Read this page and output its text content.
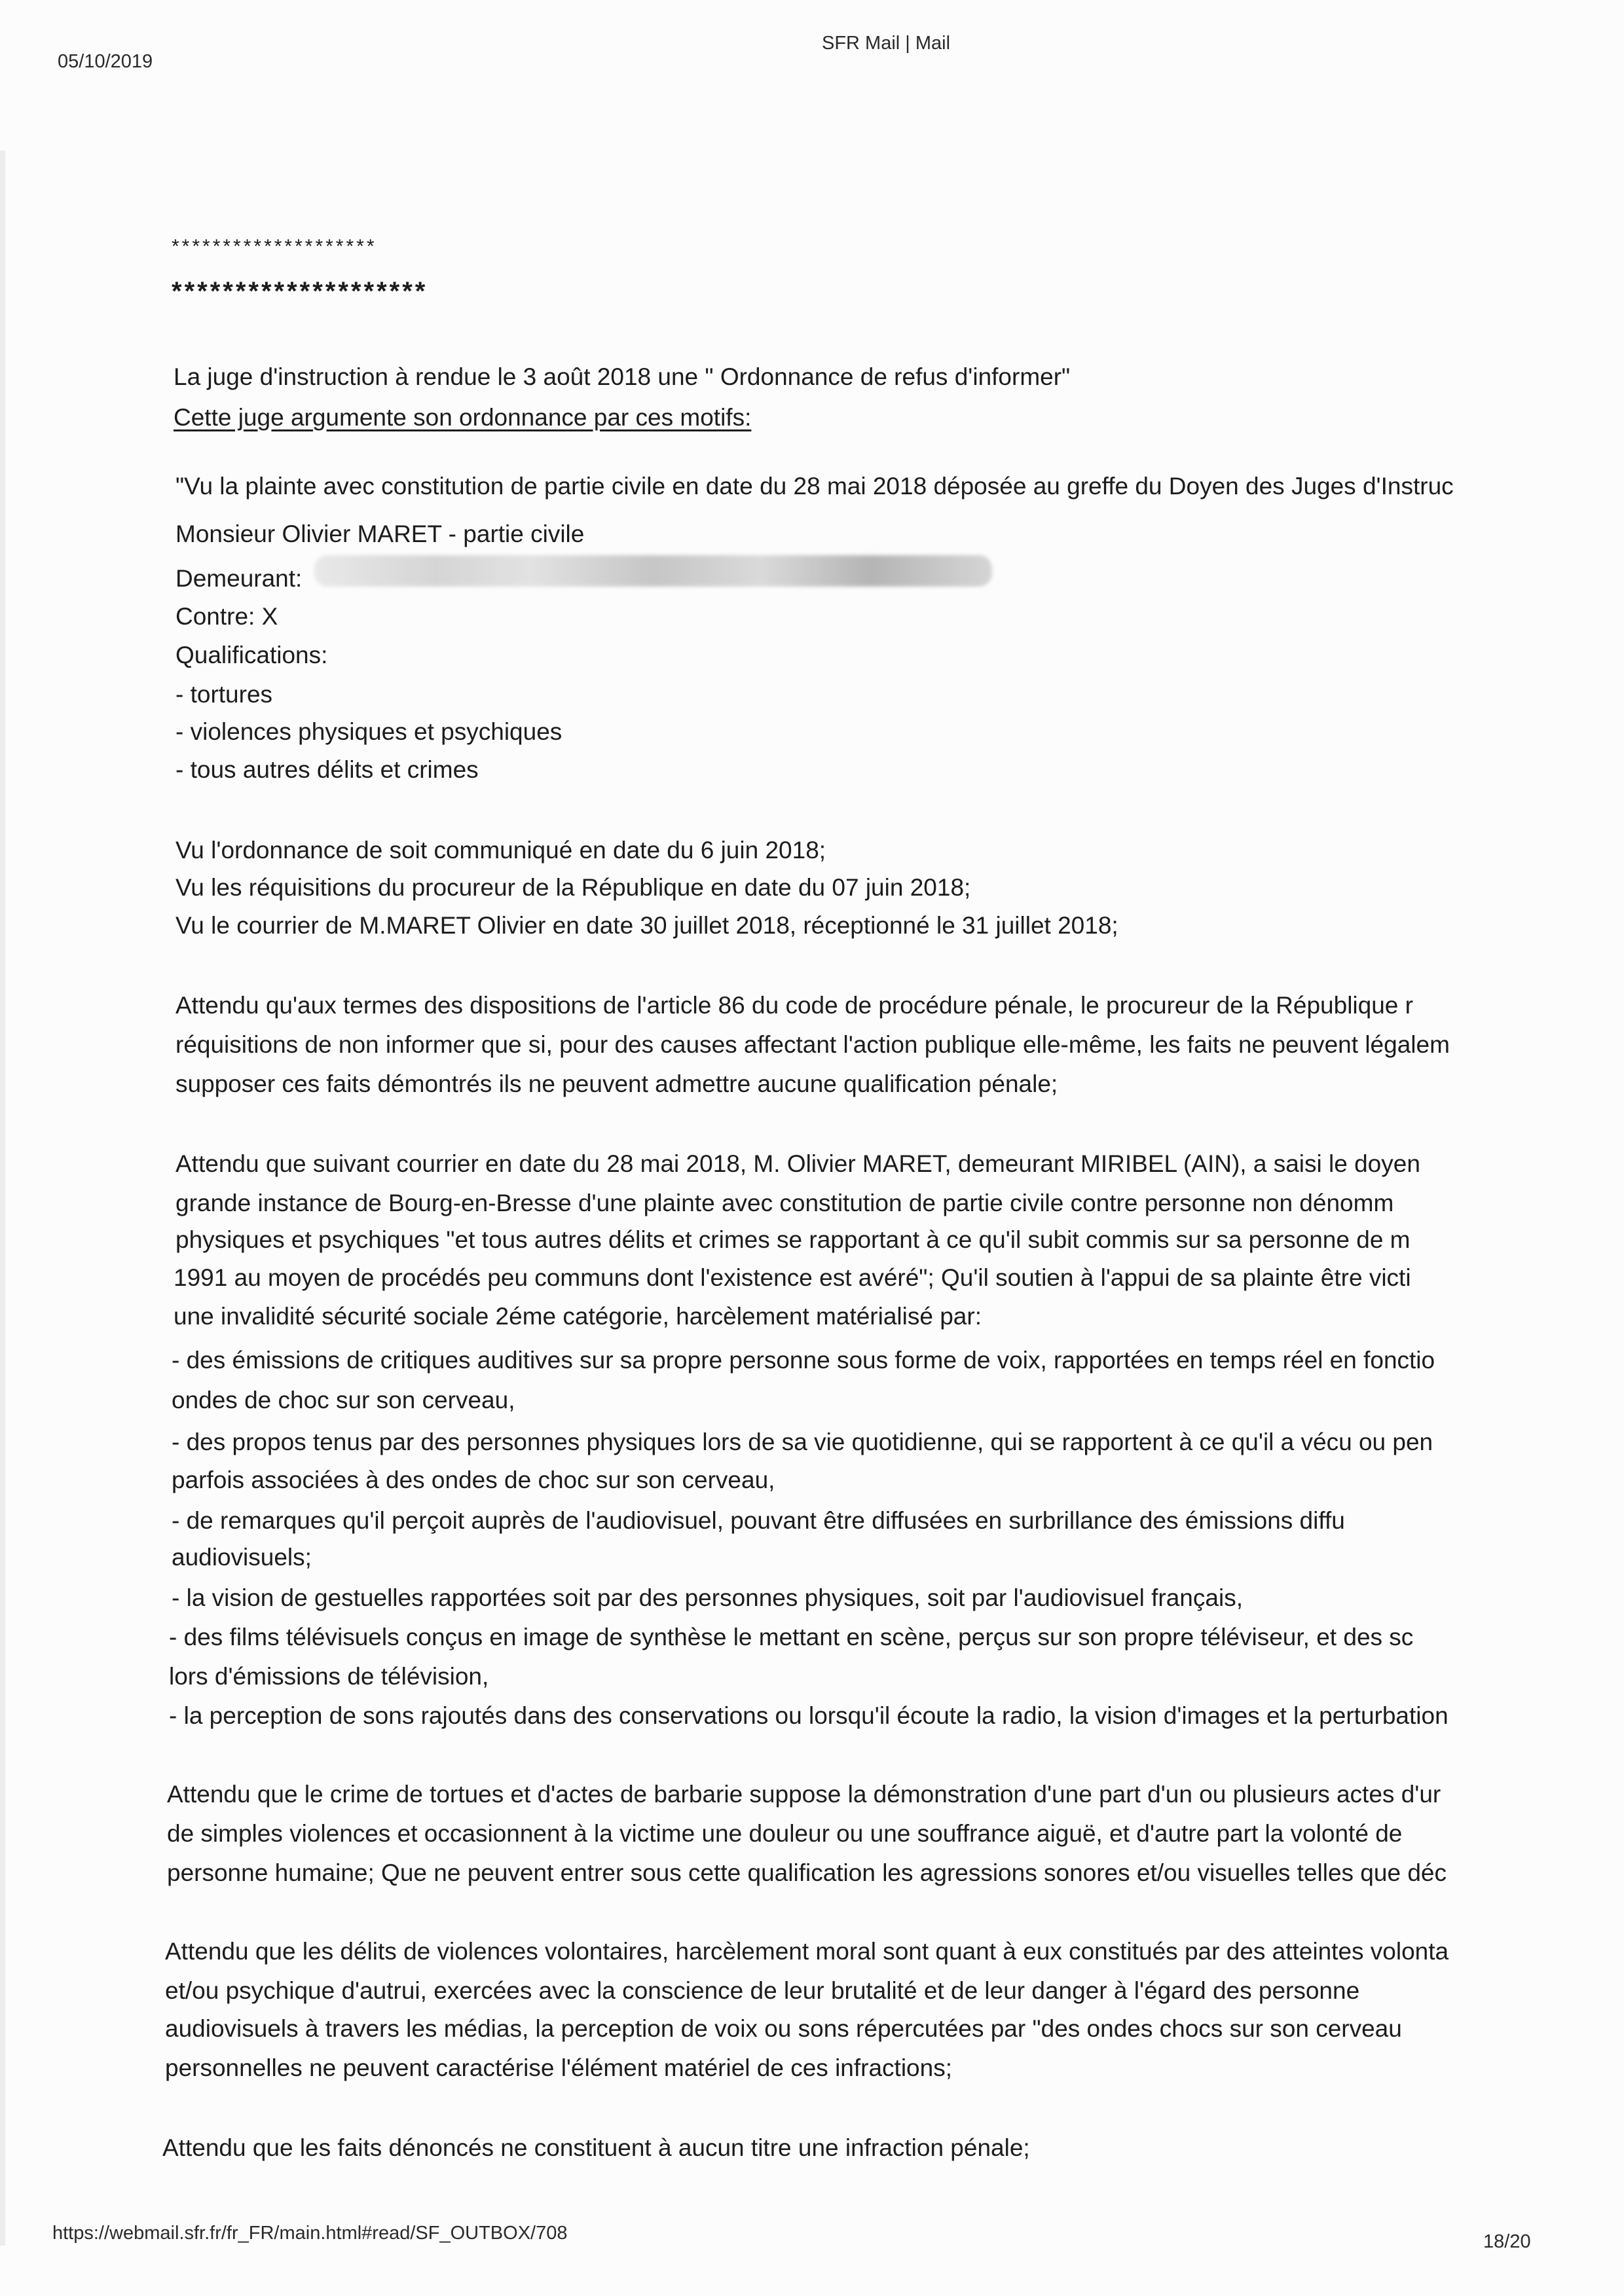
05/10/2019
SFR Mail | Mail
********************
********************
La juge d'instruction à rendue le 3 août 2018 une " Ordonnance de refus d'informer"
Cette juge argumente son ordonnance par ces motifs:
"Vu la plainte avec constitution de partie civile en date du 28 mai 2018 déposée au greffe du Doyen des Juges d'Instruc
Monsieur Olivier MARET - partie civile
Demeurant:
Contre: X
Qualifications:
- tortures
- violences physiques et psychiques
- tous autres délits et crimes
Vu l'ordonnance de soit communiqué en date du 6 juin 2018;
Vu les réquisitions du procureur de la République en date du 07 juin 2018;
Vu le courrier de M.MARET Olivier en date 30 juillet 2018, réceptionné le 31 juillet 2018;
Attendu qu'aux termes des dispositions de l'article 86 du code de procédure pénale, le procureur de la République r
réquisitions de non informer que si, pour des causes affectant l'action publique elle-même, les faits ne peuvent légalem
supposer ces faits démontrés ils ne peuvent admettre aucune qualification pénale;
Attendu que suivant courrier en date du 28 mai 2018, M. Olivier MARET, demeurant MIRIBEL (AIN), a saisi le doyen
grande instance de Bourg-en-Bresse d'une plainte avec constitution de partie civile contre personne non dénomm
physiques et psychiques "et tous autres délits et crimes se rapportant à ce qu'il subit commis sur sa personne de m
1991 au moyen de procédés peu communs dont l'existence est avéré"; Qu'il soutien à l'appui de sa plainte être victi
une invalidité sécurité sociale 2éme catégorie, harcèlement matérialisé par:
- des émissions de critiques auditives sur sa propre personne sous forme de voix, rapportées en temps réel en fonctio
ondes de choc sur son cerveau,
- des propos tenus par des personnes physiques lors de sa vie quotidienne, qui se rapportent à ce qu'il a vécu ou pen
parfois associées à des ondes de choc sur son cerveau,
- de remarques qu'il perçoit auprès de l'audiovisuel, pouvant être diffusées en surbrillance des émissions diffu
audiovisuels;
- la vision de gestuelles rapportées soit par des personnes physiques, soit par l'audiovisuel français,
- des films télévisuels conçus en image de synthèse le mettant en scène, perçus sur son propre téléviseur, et des sc
lors d'émissions de télévision,
- la perception de sons rajoutés dans des conservations ou lorsqu'il écoute la radio, la vision d'images et la perturbation
Attendu que le crime de tortues et d'actes de barbarie suppose la démonstration d'une part d'un ou plusieurs actes d'ur
de simples violences et occasionnent à la victime une douleur ou une souffrance aiguë, et d'autre part la volonté de
personne humaine; Que ne peuvent entrer sous cette qualification les agressions sonores et/ou visuelles telles que déc
Attendu que les délits de violences volontaires, harcèlement moral sont quant à eux constitués par des atteintes volonta
et/ou psychique d'autrui, exercées avec la conscience de leur brutalité et de leur danger à l'égard des personne
audiovisuels à travers les médias, la perception de voix ou sons répercutées par "des ondes chocs sur son cerveau
personnelles ne peuvent caractérise l'élément matériel de ces infractions;
Attendu que les faits dénoncés ne constituent à aucun titre une infraction pénale;
https://webmail.sfr.fr/fr_FR/main.html#read/SF_OUTBOX/708	18/20
